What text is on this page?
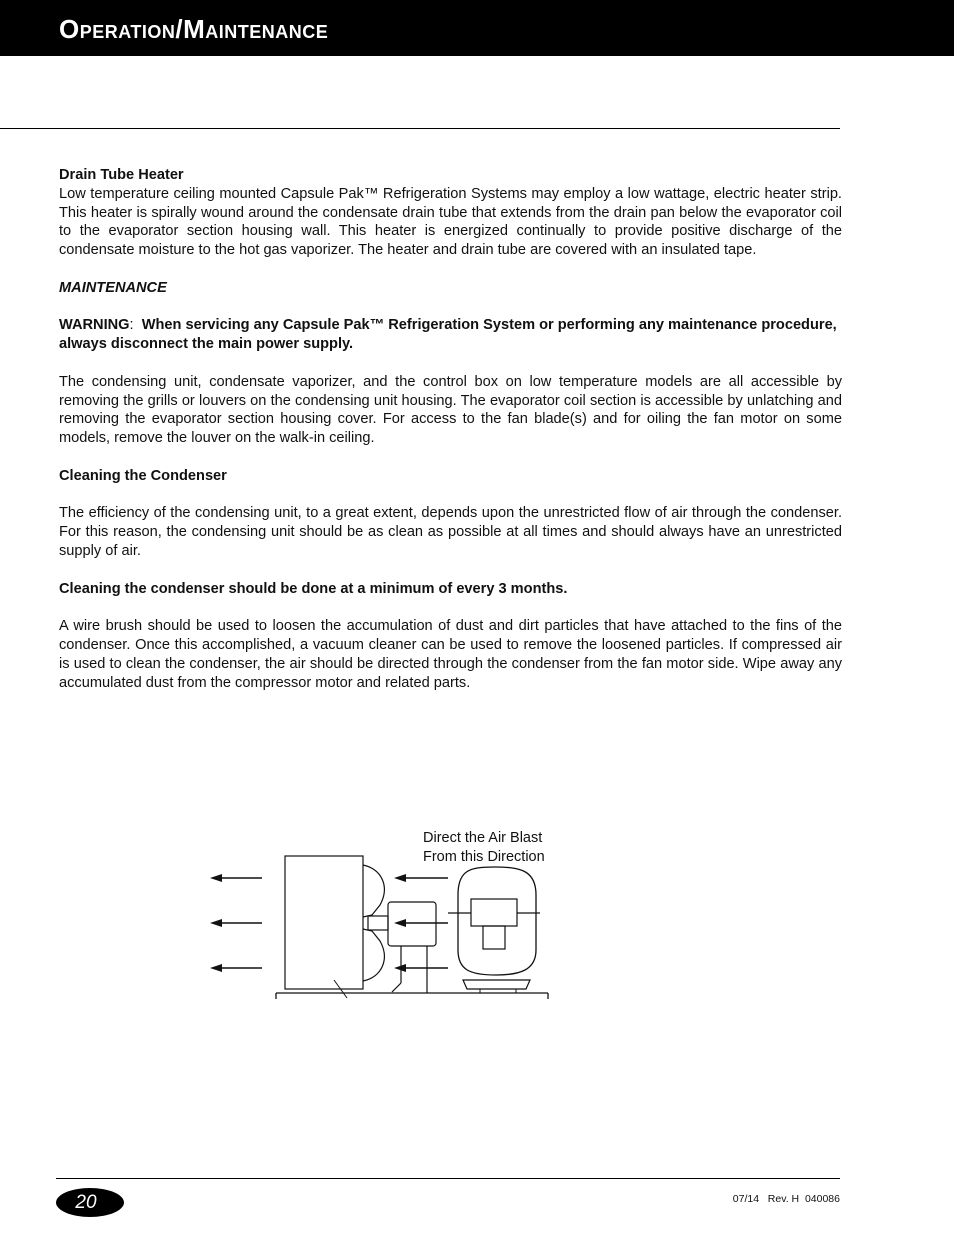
Operation/Maintenance

Drain Tube Heater

Low temperature ceiling mounted Capsule Pak™ Refrigeration Systems may employ a low wattage, electric heater strip. This heater is spirally wound around the condensate drain tube that extends from the drain pan below the evaporator coil to the evaporator section housing wall. This heater is energized continually to provide positive discharge of the condensate moisture to the hot gas vaporizer. The heater and drain tube are covered with an insulated tape.

MAINTENANCE

WARNING:  When servicing any Capsule Pak™ Refrigeration System or performing any maintenance procedure, always disconnect the main power supply.

The condensing unit, condensate vaporizer, and the control box on low temperature models are all accessible by removing the grills or louvers on the condensing unit housing. The evaporator coil section is accessible by unlatching and removing the evaporator section housing cover. For access to the fan blade(s) and for oiling the fan motor on some models, remove the louver on the walk-in ceiling.

Cleaning the Condenser

The efficiency of the condensing unit, to a great extent, depends upon the unrestricted flow of air through the condenser. For this reason, the condensing unit should be as clean as possible at all times and should always have an unrestricted supply of air.

Cleaning the condenser should be done at a minimum of every 3 months.

A wire brush should be used to loosen the accumulation of dust and dirt particles that have attached to the fins of the condenser. Once this accomplished, a vacuum cleaner can be used to remove the loosened particles. If compressed air is used to clean the condenser, the air should be directed through the condenser from the fan motor side. Wipe away any accumulated dust from the compressor motor and related parts.

Direct the Air Blast
From this Direction
20	07/14   Rev. H  040086
